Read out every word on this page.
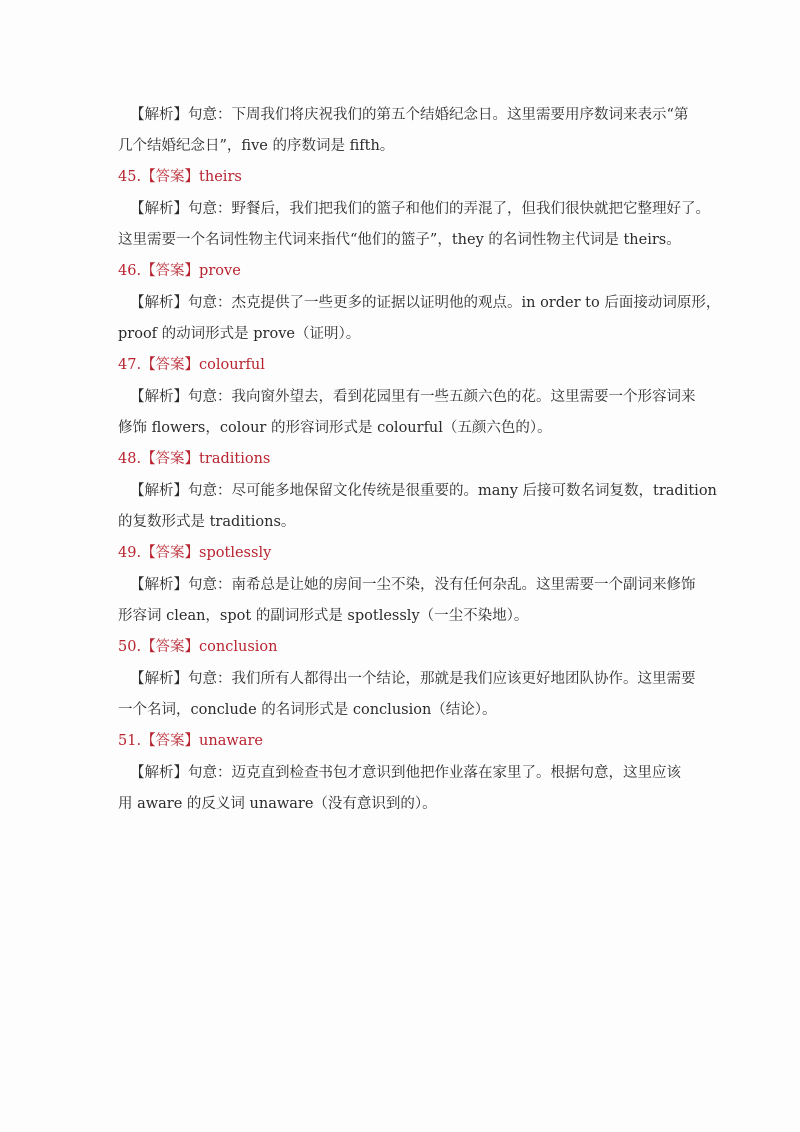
【解析】句意：下周我们将庆祝我们的第五个结婚纪念日。这里需要用序数词来表示“第
几个结婚纪念日”，five 的序数词是 fifth。
45.【答案】theirs
【解析】句意：野餐后，我们把我们的篮子和他们的弄混了，但我们很快就把它整理好了。
这里需要一个名词性物主代词来指代“他们的篮子”，they 的名词性物主代词是 theirs。
46.【答案】prove
【解析】句意：杰克提供了一些更多的证据以证明他的观点。in order to 后面接动词原形，
proof 的动词形式是 prove（证明）。
47.【答案】colourful
【解析】句意：我向窗外望去，看到花园里有一些五颜六色的花。这里需要一个形容词来
修饰 flowers，colour 的形容词形式是 colourful（五颜六色的）。
48.【答案】traditions
【解析】句意：尽可能多地保留文化传统是很重要的。many 后接可数名词复数，tradition
的复数形式是 traditions。
49.【答案】spotlessly
【解析】句意：南希总是让她的房间一尘不染，没有任何杂乱。这里需要一个副词来修饰
形容词 clean，spot 的副词形式是 spotlessly（一尘不染地）。
50.【答案】conclusion
【解析】句意：我们所有人都得出一个结论，那就是我们应该更好地团队协作。这里需要
一个名词，conclude 的名词形式是 conclusion（结论）。
51.【答案】unaware
【解析】句意：迈克直到检查书包才意识到他把作业落在家里了。根据句意，这里应该
用 aware 的反义词 unaware（没有意识到的）。
